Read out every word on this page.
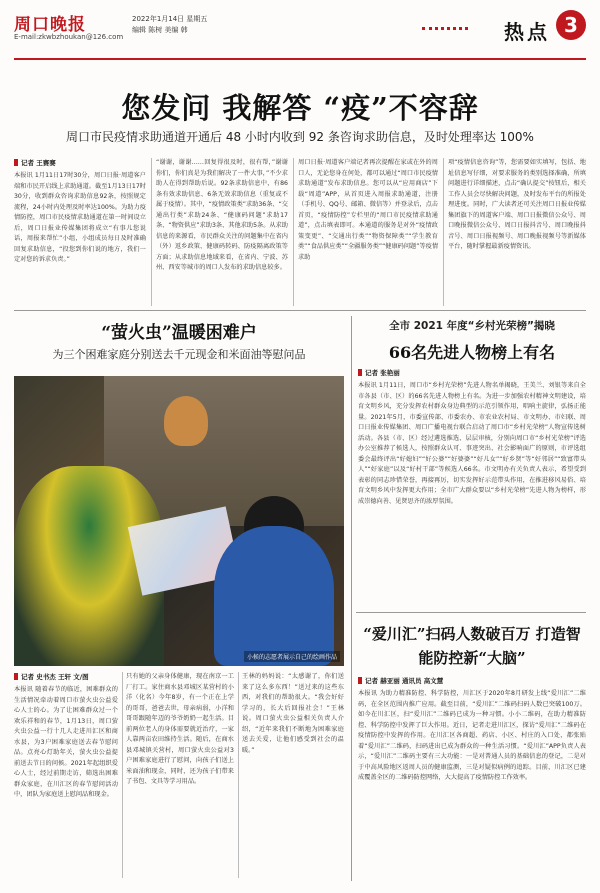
周口晚报
E-mail:zkwbzhoukan@126.com
2022年1月14日 星期五
编辑 陈树 美编 韩	热点 3
您发问 我解答 “疫”不容辞
周口市民疫情求助通道开通后 48 小时内收到 92 条咨询求助信息，及时处理率达 100%
记者 王赛赛
本报讯 1月11日17时30分，周口日报·周道客户端和市民开启线上求助通道。截至1月13日17时30分，收到群众咨询求助信息92条，按照规定流程，24小时内处理及时率达100%。为助力疫情防控，周口市民疫情求助通道在第一时间设立后，周口日报业传媒集团将成立“有事儿您说话，周报来帮忙”小组，小组成员每日及时准确回复求助信息，“投您到你们说的地方，我们一定对您的诉求负责。”
“谢谢，谢谢……回复得很及时，很有帮，”谢谢你们，你们真是为我们解决了一件大事，”不少求助人在得到帮助后说。92条求助信息中，有86条有效求助信息、6条无效求助信息（重复或不属于疫情）。其中，“疫情政策类”求助36条、“交通出行类”求助24条、“健康码问题”求助17条、“物资供应”求助3条、其他求助5条。从求助信息的来源看，市民群众关注的问题集中在省内（外）返乡政策、健康码转码、防疫隔离政策等方面；从求助信息地域来看，在省内、宁波、苏州、西安等城市的周口人发布的求助信息较多。
周口日报·周道客户端记者再次提醒在家或在外的周口人，无论您身在何处，都可以通过“周口市民疫情求助通道”发布求助信息。您可以从“应用商店”下载“周道”APP，从首页进入周报求助通道，注册（手机号、QQ号、邮箱、微信等）并登录后，点击首页，“疫情防控”专栏里的“周口市民疫情求助通道”，点击填表即可。本通道的服务是对外“疫情政策变更”、“交通出行类”“物资保障类”“学生教育类”“食品供应类”“全疆服务类”“健康码问题”等疫情求助
项“疫情信息咨询”等，您需要如实填写，包括、地址信息写仔细，对要求服务的类别选择准确，所填问题进行详细描述，点击“确认提交”按钮后，相关工作人员会尽快解决问题，及时发布平台的所报处理进度。同时，广大读者还可关注周口日报业传媒集团旗下的周道客户端、周口日报微信公众号、周口晚报微信公众号、周口日报抖音号、周口晚报抖音号、周口日报视频号、周口晚报视频号等新媒体平台，随时掌握最新疫情资讯。
“萤火虫”温暖困难户
为三个困难家庭分别送去千元现金和米面油等慰问品
小候的志愿者展示自己的绘画作品
记者 史书杰 王轩 文/图
本报讯 随着春节的临近，困难群众的生活情况牵动着周口市萤火虫公益爱心人士的心。为了让困难群众过一个欢乐祥和的春节，1月13日，周口萤火虫公益一行十几人走进川汇区和商水县，为3户困难家庭送去春节慰问品。点亮心灯助年关，萤火虫公益提前送去节日的问候。2021年起组织爱心人士，经过前期走访，筛选出困难群众家庭，在川汇区的春节慰问活动中，团队为家庭送上慰问品和现金。
只有她的父亲身体健康，现在南京一工厂打工。家住商水县邓城区某营村的小洋（化名）今年8岁，有一个正在上学的哥哥，爸爸去世，母亲病弱，小洋和哥哥跟随年迈的爷爷奶奶一起生活。目前两位老人的身体需要就近治疗，一家人靠两亩农田维持生活。随后，在商水县邓城镇关营村，周口萤火虫公益对3户困难家庭进行了慰问，向孩子们送上米面油和现金，同时，还为孩子们带来了书包、文具等学习用品。
王林的妈妈说：“太感谢了，你们送来了这么多东西！”送过来的这些东西，对我们的帮助很大。“我会好好学习的，长大后回报社会！”王林说。周口萤火虫公益相关负责人介绍，“近年来我们不断地为困难家庭送去关爱，让他们感受到社会的温暖。”
全市 2021 年度“乡村光荣榜”揭晓
66名先进人物榜上有名
记者 张艳丽
本报讯 1月11日，周口市“乡村光荣榜”先进人物名单揭晓，王美兰、刘银等来自全市各县（市、区）的66名先进人物榜上有名。为进一步加强农村精神文明建设，培育文明乡风，充分发挥农村群众身边典型的示范引领作用，唱响主旋律，弘扬正能量。2021年5月，市委宣传部、市委农办、市农业农村局、市文明办、市妇联、周口日报业传媒集团、周口广播电视台联合启动了周口市“乡村光荣榜”人物宣传选树活动。各县（市、区）经过遴选推选、层层审核，分别向周口市“乡村光荣榜”评选办公室推荐了候选人，按照群众认可、事迹突出、社会影响面广的原则，市评选组委会最终评出“好媳妇”“好公婆”“好婆婆”“好儿女”“好乡贤”等“好邻居”“致富带头人”“好家庭”以及“好村干部”等候选人66名。市文明办有关负责人表示，希望受到表彰的同志珍惜荣誉，再接再厉，切实发挥好示范带头作用，在推进移风易俗、培育文明乡风中发挥更大作用；全市广大群众要以“乡村光荣榜”先进人物为榜样，形成崇德向善、见贤思齐的浓厚氛围。
“爱川汇”扫码人数破百万 打造智能防控新“大脑”
记者 赫亚丽 通讯员 高文慧
本报讯 为助力精准防控、科学防控，川汇区于2020年8月研发上线“爱川汇”二维码，在全区范围内推广应用。截至目前，“爱川汇”二维码扫码人数已突破100万。如今在川汇区，扫“爱川汇”二维码已成为一种习惯。小小二维码，在助力精准防控、科学防控中发挥了巨大作用。近日，记者走进川汇区，探访“爱川汇”二维码在疫情防控中发挥的作用。在川汇区各商超、药店、小区、村庄的入口处，都张贴着“爱川汇”二维码，扫码进出已成为群众的一种生活习惯。“爱川汇”APP负责人表示，“爱川汇”二维码主要有三大功能：一是对普通人员的基础信息的登记，二是对于中高风险地区返周人员的健康监测，三是对疑似病例的追踪。目前，川汇区已建成覆盖全区的二维码防控网络，大大提高了疫情防控工作效率。
